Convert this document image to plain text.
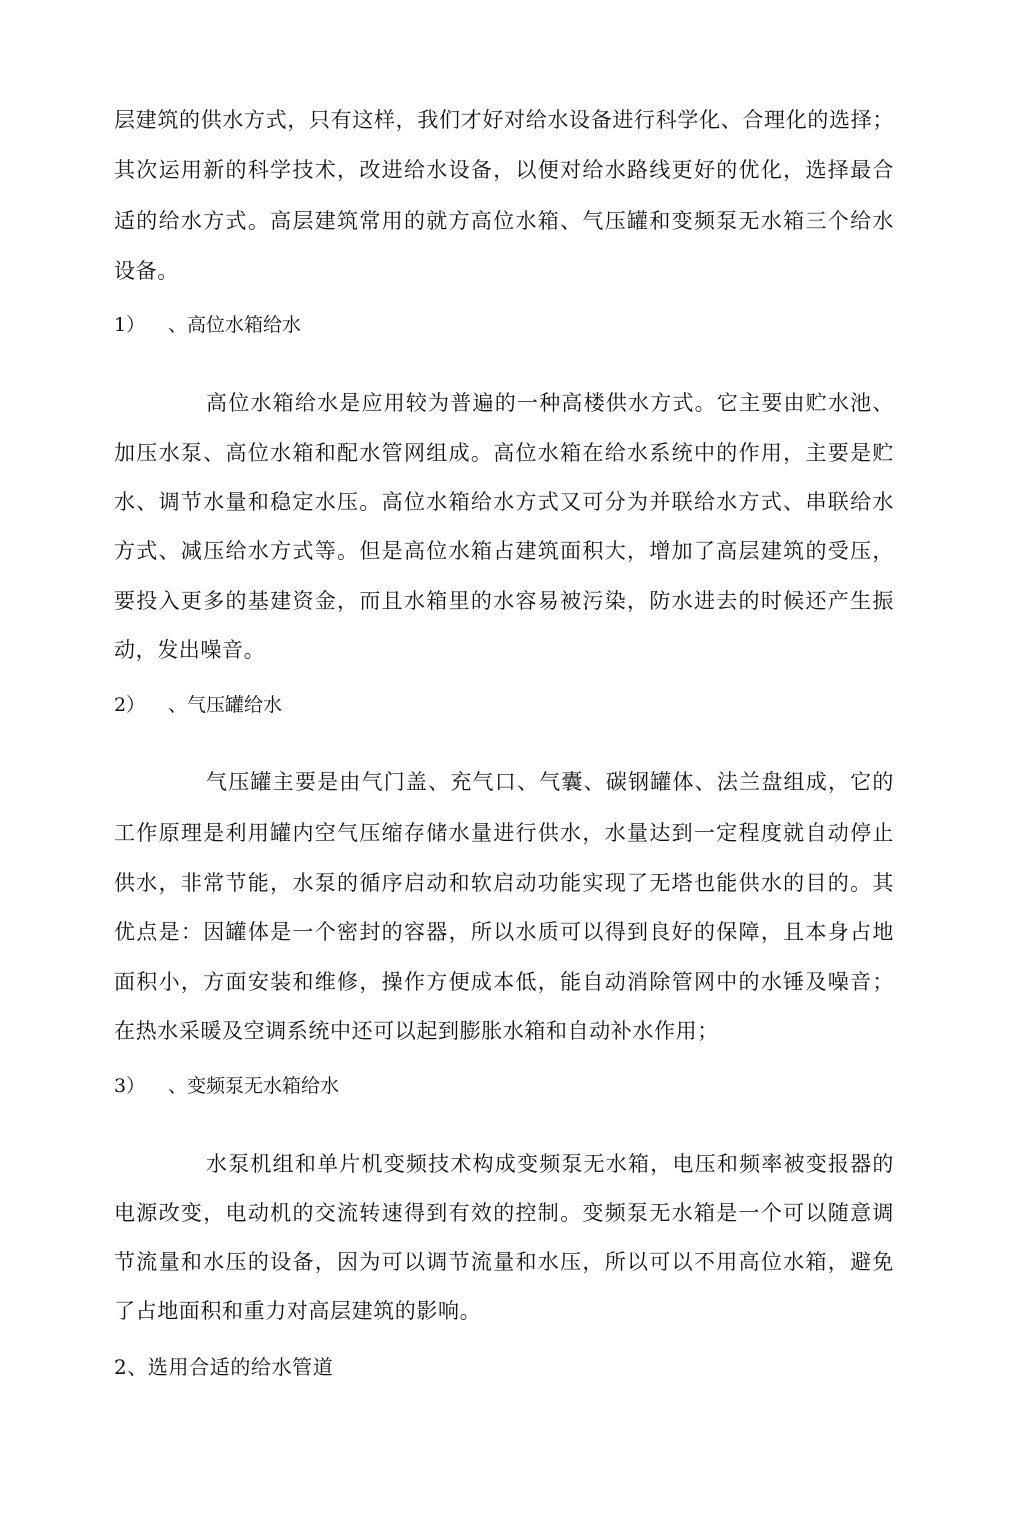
层建筑的供水方式，只有这样，我们才好对给水设备进行科学化、合理化的选择；
其次运用新的科学技术，改进给水设备，以便对给水路线更好的优化，选择最合
适的给水方式。高层建筑常用的就方高位水箱、气压罐和变频泵无水箱三个给水
设备。
1） 、高位水箱给水
高位水箱给水是应用较为普遍的一种高楼供水方式。它主要由贮水池、
加压水泵、高位水箱和配水管网组成。高位水箱在给水系统中的作用，主要是贮
水、调节水量和稳定水压。高位水箱给水方式又可分为并联给水方式、串联给水
方式、减压给水方式等。但是高位水箱占建筑面积大，增加了高层建筑的受压，
要投入更多的基建资金，而且水箱里的水容易被污染，防水进去的时候还产生振
动，发出噪音。
2） 、气压罐给水
气压罐主要是由气门盖、充气口、气囊、碳钢罐体、法兰盘组成，它的
工作原理是利用罐内空气压缩存储水量进行供水，水量达到一定程度就自动停止
供水，非常节能，水泵的循序启动和软启动功能实现了无塔也能供水的目的。其
优点是：因罐体是一个密封的容器，所以水质可以得到良好的保障，且本身占地
面积小，方面安装和维修，操作方便成本低，能自动消除管网中的水锤及噪音；
在热水采暖及空调系统中还可以起到膨胀水箱和自动补水作用；
3） 、变频泵无水箱给水
水泵机组和单片机变频技术构成变频泵无水箱，电压和频率被变报器的
电源改变，电动机的交流转速得到有效的控制。变频泵无水箱是一个可以随意调
节流量和水压的设备，因为可以调节流量和水压，所以可以不用高位水箱，避免
了占地面积和重力对高层建筑的影响。
2、选用合适的给水管道
